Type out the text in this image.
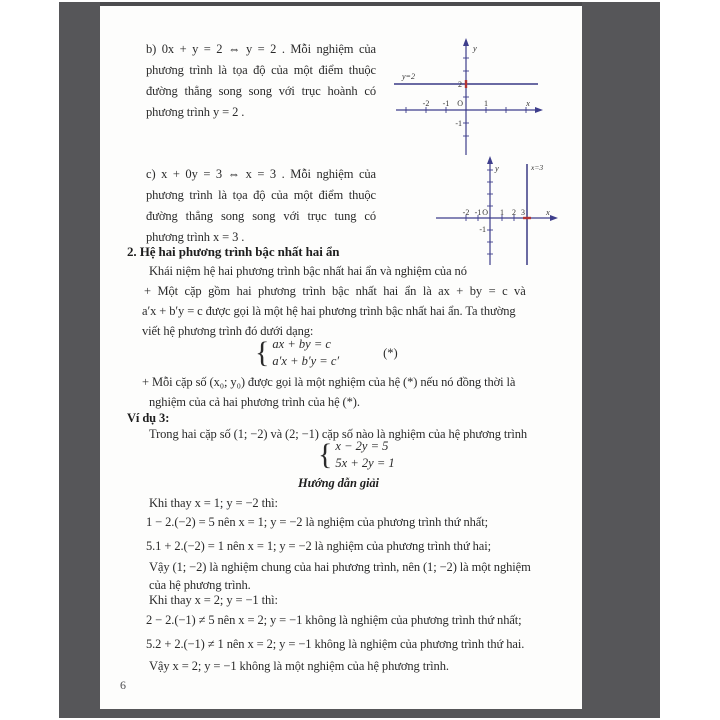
b) 0x + y = 2 ⇔ y = 2 . Mỗi nghiệm của phương trình là tọa độ của một điểm thuộc đường thẳng song song với trục hoành có phương trình y = 2 .
y
y=2
2
-2 -1 O	1	x
-1
c) x + 0y = 3 ⇔ x = 3 . Mỗi nghiệm của phương trình là tọa độ của một điểm thuộc đường thẳng song song với trục tung có phương trình x = 3 .
y	x=3
-2 -1 O 1 2 3 x
-1
2. Hệ hai phương trình bậc nhất hai ẩn
Khái niệm hệ hai phương trình bậc nhất hai ẩn và nghiệm của nó
+ Một cặp gồm hai phương trình bậc nhất hai ẩn là ax + by = c và
a′x + b′y = c được gọi là một hệ hai phương trình bậc nhất hai ẩn. Ta thường
viết hệ phương trình đó dưới dạng:
{ ax + by = c
a′x + b′y = c′
(*)
+ Mỗi cặp số (x₀; y₀) được gọi là một nghiệm của hệ (*) nếu nó đồng thời là
nghiệm của cả hai phương trình của hệ (*).
Ví dụ 3:
Trong hai cặp số (1; −2) và (2; −1) cặp số nào là nghiệm của hệ phương trình
{ x − 2y = 5
5x + 2y = 1
Hướng dẫn giải
Khi thay x = 1; y = −2 thì:
1 − 2.(−2) = 5 nên x = 1; y = −2 là nghiệm của phương trình thứ nhất;
5.1 + 2.(−2) = 1 nên x = 1; y = −2 là nghiệm của phương trình thứ hai;
Vậy (1; −2) là nghiệm chung của hai phương trình, nên (1; −2) là một nghiệm
của hệ phương trình.
Khi thay x = 2; y = −1 thì:
2 − 2.(−1) ≠ 5 nên x = 2; y = −1 không là nghiệm của phương trình thứ nhất;
5.2 + 2.(−1) ≠ 1 nên x = 2; y = −1 không là nghiệm của phương trình thứ hai.
Vậy x = 2; y = −1 không là một nghiệm của hệ phương trình.
6
